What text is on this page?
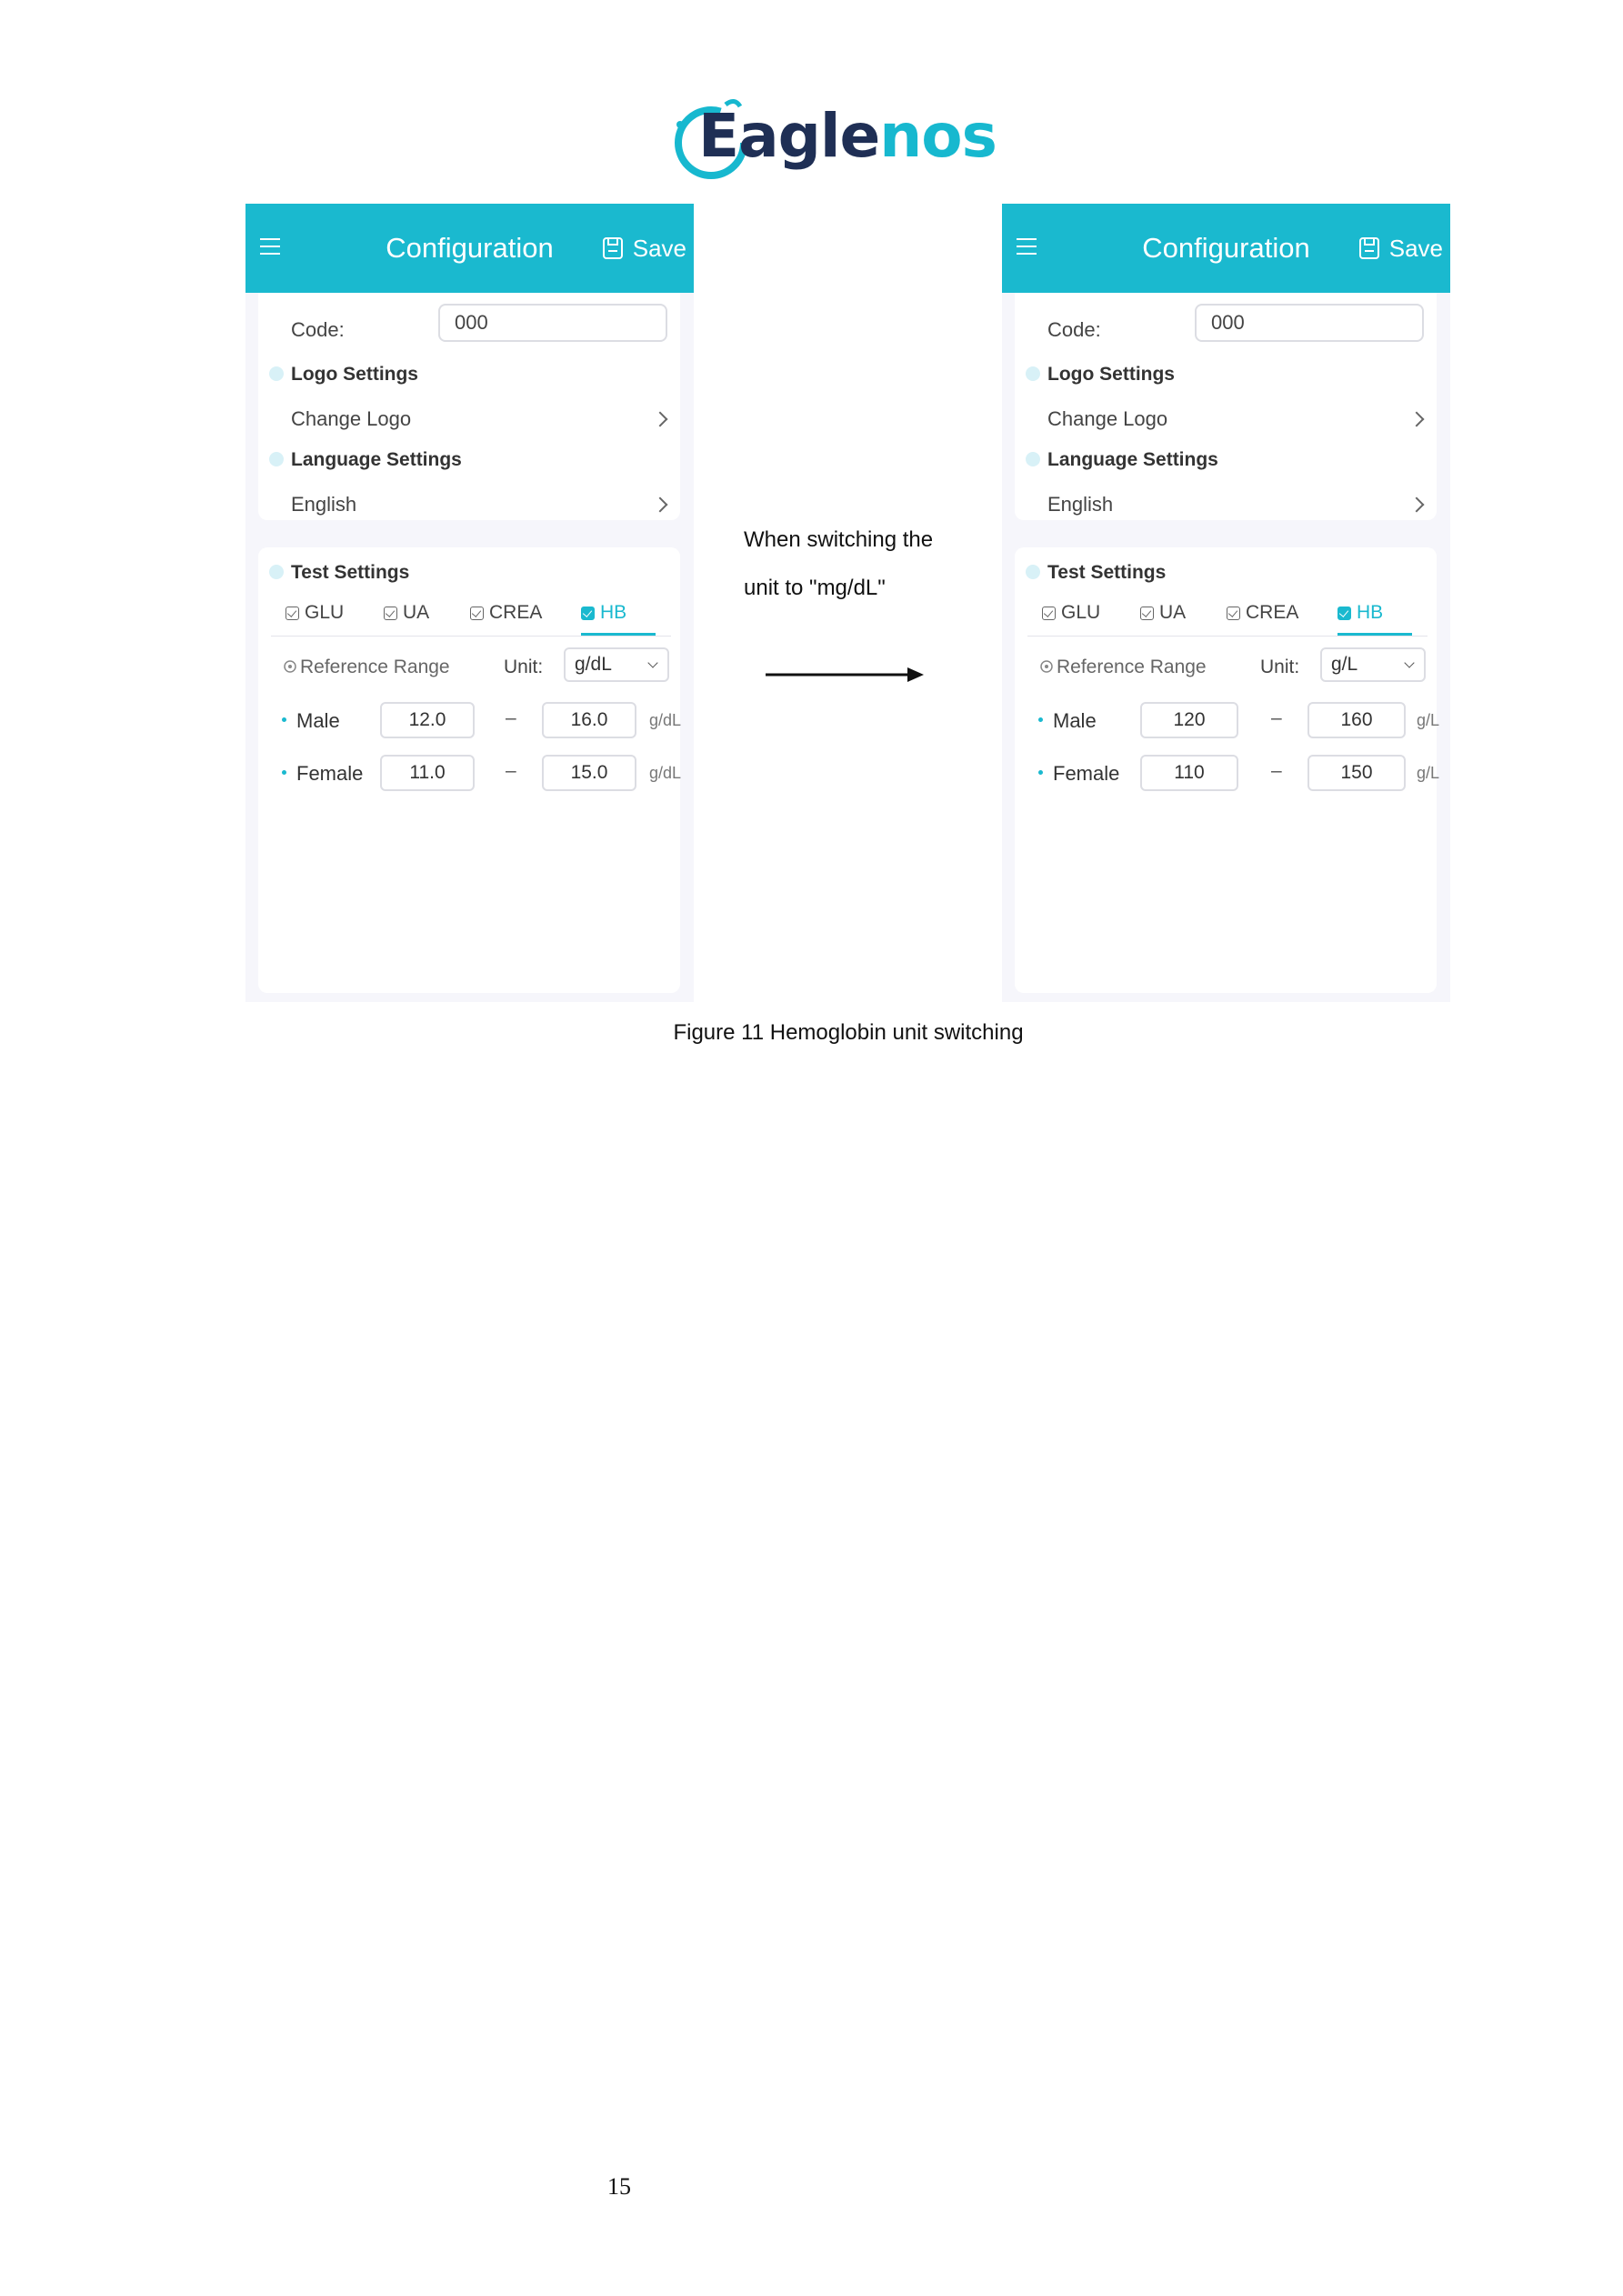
Eaglenos
Configuration	Save
Code:	000
Logo Settings
Change Logo
Language Settings
English
Test Settings
GLU	UA	CREA	HB
Reference Range	Unit:	g/dL
Male	12.0	–	16.0	g/dL
Female	11.0	–	15.0	g/dL
When switching the
unit to "mg/dL"
Configuration	Save
Code:	000
Logo Settings
Change Logo
Language Settings
English
Test Settings
GLU	UA	CREA	HB
Reference Range	Unit:	g/L
Male	120	–	160	g/L
Female	110	–	150	g/L
Figure 11 Hemoglobin unit switching
15
